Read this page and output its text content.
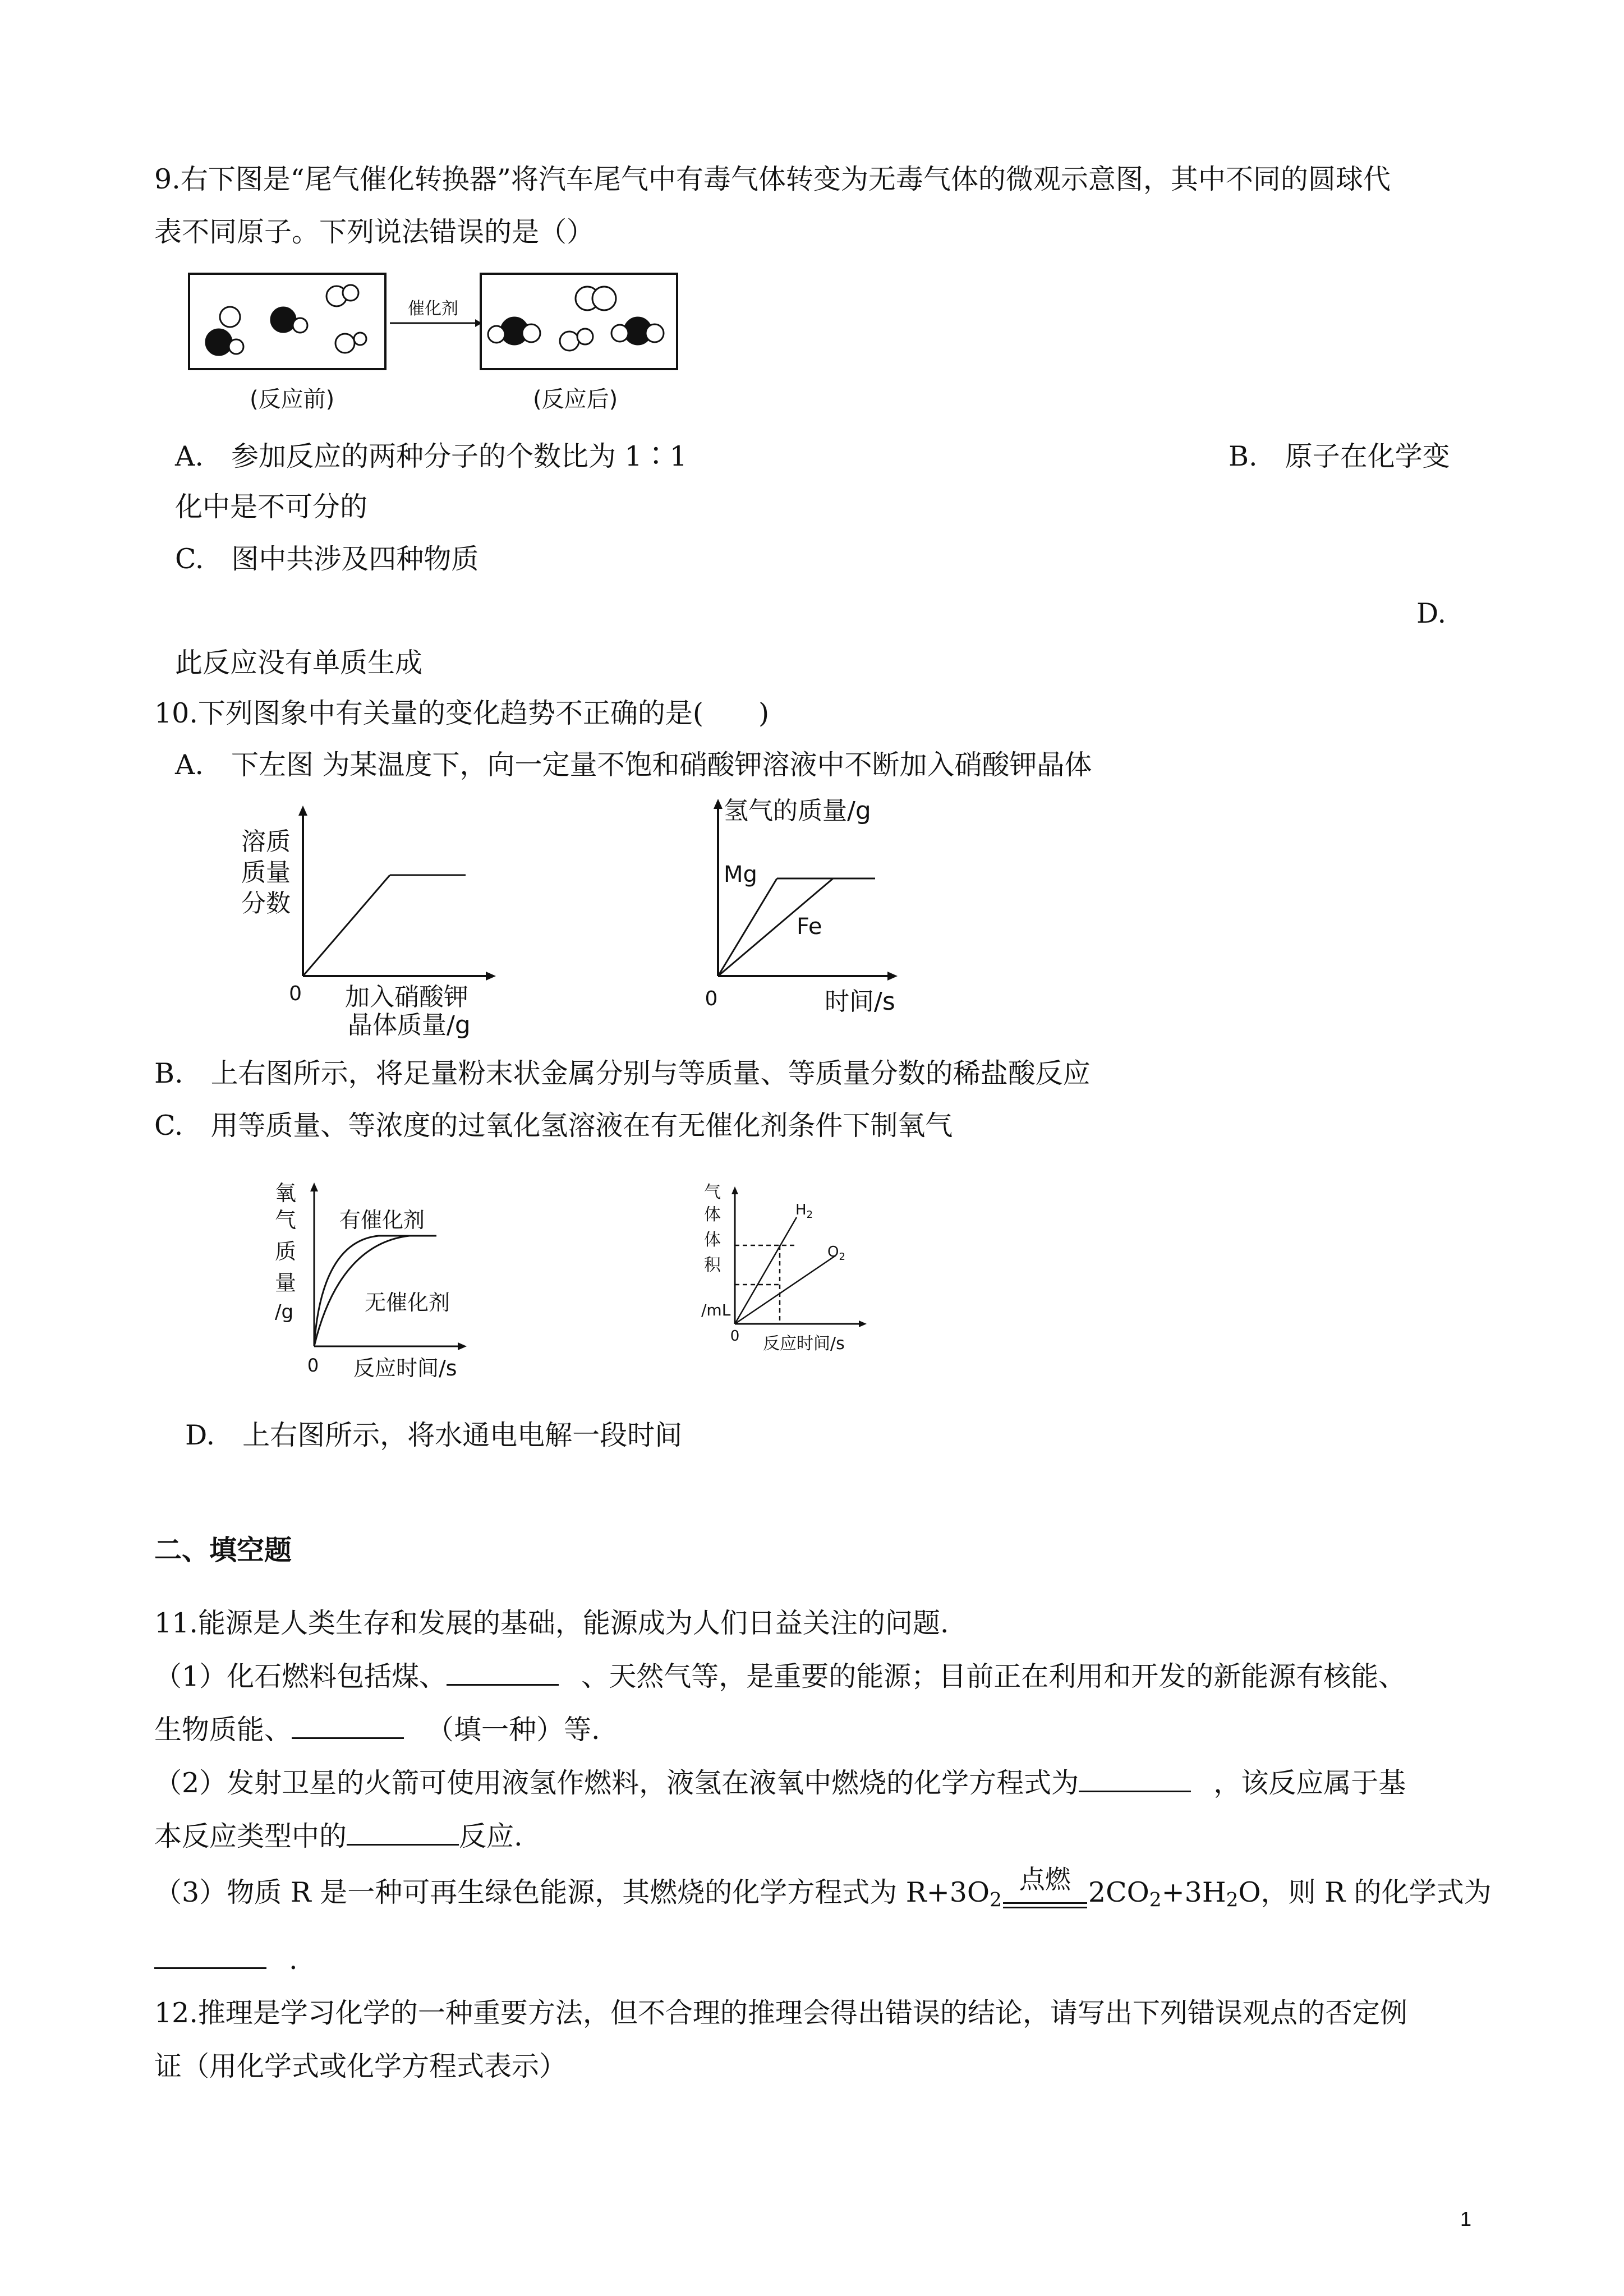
9.右下图是“尾气催化转换器”将汽车尾气中有毒气体转变为无毒气体的微观示意图，其中不同的圆球代
表不同原子。下列说法错误的是（）
催化剂
(反应前)	(反应后)
A.　参加反应的两种分子的个数比为 1∶1	B.　原子在化学变
化中是不可分的
C.　图中共涉及四种物质
D.
此反应没有单质生成
10.下列图象中有关量的变化趋势不正确的是(　　)
A.　下左图 为某温度下，向一定量不饱和硝酸钾溶液中不断加入硝酸钾晶体
溶质
质量
分数
0 加入硝酸钾
晶体质量/g
氢气的质量/g
Mg
Fe
0	时间/s
B.　上右图所示，将足量粉末状金属分别与等质量、等质量分数的稀盐酸反应
C.　用等质量、等浓度的过氧化氢溶液在有无催化剂条件下制氧气
有催化剂
无催化剂
氧
气
质
量
/g
0 反应时间/s
$H_2$
$O_2$
气
体
体
积
/mL
0 反应时间/s
D.　上右图所示，将水通电电解一段时间
二、填空题
11.能源是人类生存和发展的基础，能源成为人们日益关注的问题.
（1）化石燃料包括煤、	、天然气等，是重要的能源；目前正在利用和开发的新能源有核能、
生物质能、	（填一种）等.
（2）发射卫星的火箭可使用液氢作燃料，液氢在液氧中燃烧的化学方程式为	，该反应属于基
本反应类型中的	反应.
（3）物质 R 是一种可再生绿色能源，其燃烧的化学方程式为 $R+3O_2$
点燃 $2CO_2+3H_2O$，则 R 的化学式为
.
12.推理是学习化学的一种重要方法，但不合理的推理会得出错误的结论，请写出下列错误观点的否定例
证（用化学式或化学方程式表示）
1
